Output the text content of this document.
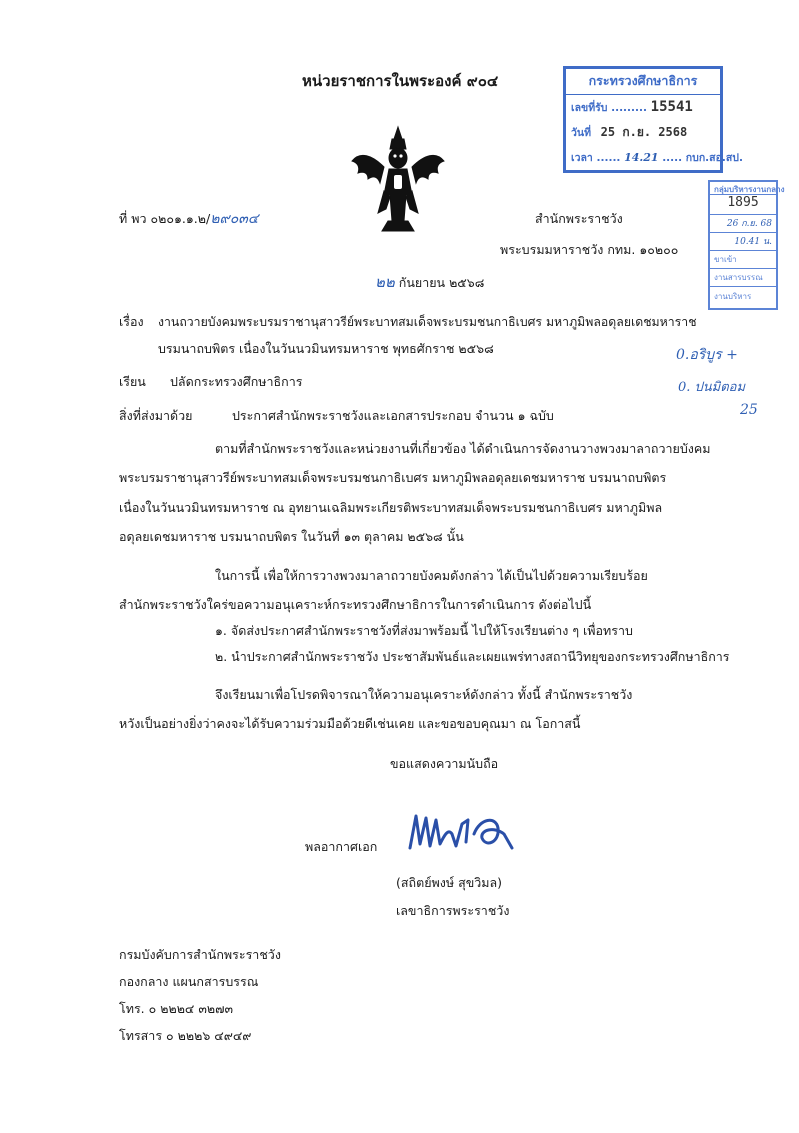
หน่วยราชการในพระองค์ ๙๐๔	กระทรวงศึกษาธิการ
เลขที่รับ ......... 15541
วันที่ 25 ก.ย. 2568
เวลา ...... 14.21 ..... กบก.สอ.สป.
กลุ่มบริหารงานกลาง
1895
26 ก.ย. 68
10.41 น.
ขาเข้า
งานสารบรรณ
งานบริหาร
ที่ พว ๐๒๐๑.๑.๒/๒๙๐๓๔	สำนักพระราชวัง
พระบรมมหาราชวัง กทม. ๑๐๒๐๐
๒๒ กันยายน ๒๕๖๘
เรื่อง งานถวายบังคมพระบรมราชานุสาวรีย์พระบาทสมเด็จพระบรมชนกาธิเบศร มหาภูมิพลอดุลยเดชมหาราช
บรมนาถบพิตร เนื่องในวันนวมินทรมหาราช พุทธศักราช ๒๕๖๘	0.อริบูร +
0. ปนมิตอม
25
เรียน ปลัดกระทรวงศึกษาธิการ
สิ่งที่ส่งมาด้วย	ประกาศสำนักพระราชวังและเอกสารประกอบ จำนวน ๑ ฉบับ
ตามที่สำนักพระราชวังและหน่วยงานที่เกี่ยวข้อง ได้ดำเนินการจัดงานวางพวงมาลาถวายบังคม
พระบรมราชานุสาวรีย์พระบาทสมเด็จพระบรมชนกาธิเบศร มหาภูมิพลอดุลยเดชมหาราช บรมนาถบพิตร
เนื่องในวันนวมินทรมหาราช ณ อุทยานเฉลิมพระเกียรติพระบาทสมเด็จพระบรมชนกาธิเบศร มหาภูมิพล
อดุลยเดชมหาราช บรมนาถบพิตร ในวันที่ ๑๓ ตุลาคม ๒๕๖๘ นั้น
ในการนี้ เพื่อให้การวางพวงมาลาถวายบังคมดังกล่าว ได้เป็นไปด้วยความเรียบร้อย
สำนักพระราชวังใคร่ขอความอนุเคราะห์กระทรวงศึกษาธิการในการดำเนินการ ดังต่อไปนี้
๑. จัดส่งประกาศสำนักพระราชวังที่ส่งมาพร้อมนี้ ไปให้โรงเรียนต่าง ๆ เพื่อทราบ
๒. นำประกาศสำนักพระราชวัง ประชาสัมพันธ์และเผยแพร่ทางสถานีวิทยุของกระทรวงศึกษาธิการ
จึงเรียนมาเพื่อโปรดพิจารณาให้ความอนุเคราะห์ดังกล่าว ทั้งนี้ สำนักพระราชวัง
หวังเป็นอย่างยิ่งว่าคงจะได้รับความร่วมมือด้วยดีเช่นเคย และขอขอบคุณมา ณ โอกาสนี้
ขอแสดงความนับถือ
พลอากาศเอก
(สถิตย์พงษ์ สุขวิมล)
เลขาธิการพระราชวัง
กรมบังคับการสำนักพระราชวัง
กองกลาง แผนกสารบรรณ
โทร. ๐ ๒๒๒๔ ๓๒๗๓
โทรสาร ๐ ๒๒๒๖ ๔๙๔๙
